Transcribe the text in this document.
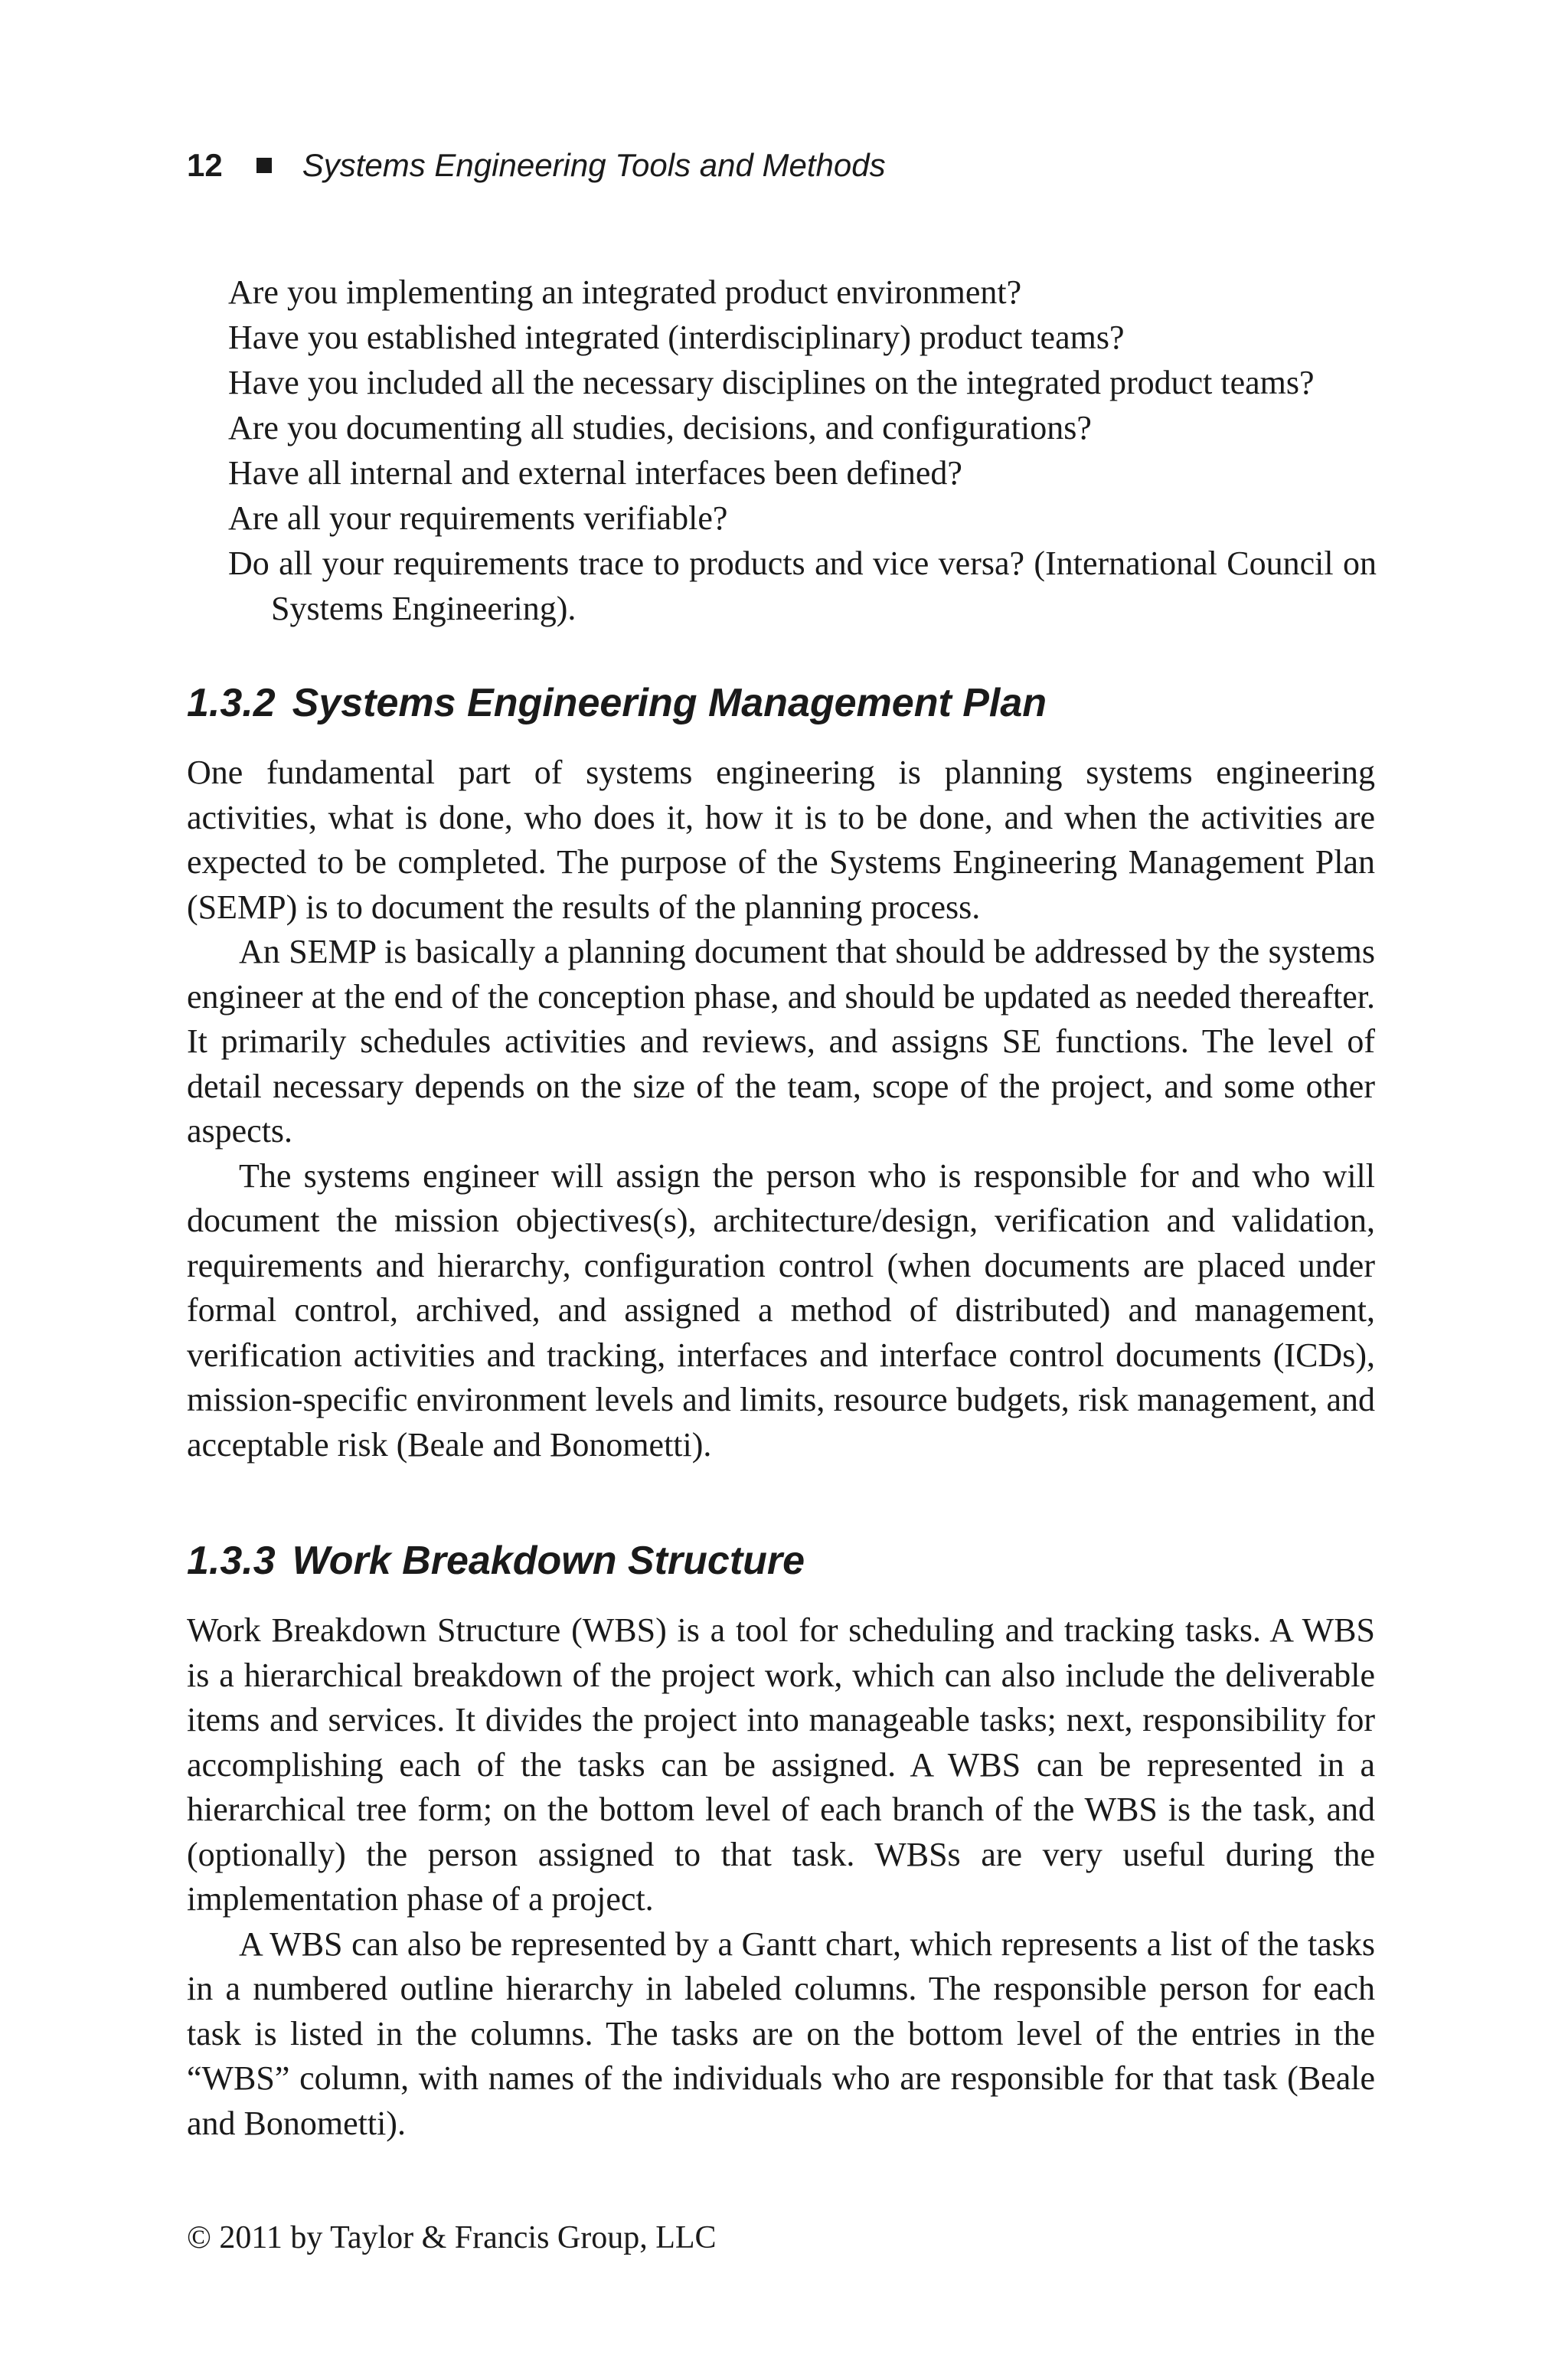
12 Systems Engineering Tools and Methods
Are you implementing an integrated product environment?
Have you established integrated (interdisciplinary) product teams?
Have you included all the necessary disciplines on the integrated product teams?
Are you documenting all studies, decisions, and configurations?
Have all internal and external interfaces been defined?
Are all your requirements verifiable?
Do all your requirements trace to products and vice versa? (International Council on Systems Engineering).
1.3.2 Systems Engineering Management Plan

One fundamental part of systems engineering is planning systems engineering activities, what is done, who does it, how it is to be done, and when the activities are expected to be completed. The purpose of the Systems Engineering Management Plan (SEMP) is to document the results of the planning process.

An SEMP is basically a planning document that should be addressed by the systems engineer at the end of the conception phase, and should be updated as needed thereafter. It primarily schedules activities and reviews, and assigns SE functions. The level of detail necessary depends on the size of the team, scope of the project, and some other aspects.

The systems engineer will assign the person who is responsible for and who will document the mission objectives(s), architecture/design, verification and validation, requirements and hierarchy, configuration control (when documents are placed under formal control, archived, and assigned a method of distributed) and management, verification activities and tracking, interfaces and interface control documents (ICDs), mission-specific environment levels and limits, resource budgets, risk management, and acceptable risk (Beale and Bonometti).

1.3.3 Work Breakdown Structure

Work Breakdown Structure (WBS) is a tool for scheduling and tracking tasks. A WBS is a hierarchical breakdown of the project work, which can also include the deliverable items and services. It divides the project into manageable tasks; next, responsibility for accomplishing each of the tasks can be assigned. A WBS can be represented in a hierarchical tree form; on the bottom level of each branch of the WBS is the task, and (optionally) the person assigned to that task. WBSs are very useful during the implementation phase of a project.

A WBS can also be represented by a Gantt chart, which represents a list of the tasks in a numbered outline hierarchy in labeled columns. The responsible person for each task is listed in the columns. The tasks are on the bottom level of the entries in the “WBS” column, with names of the individuals who are responsible for that task (Beale and Bonometti).

© 2011 by Taylor & Francis Group, LLC
